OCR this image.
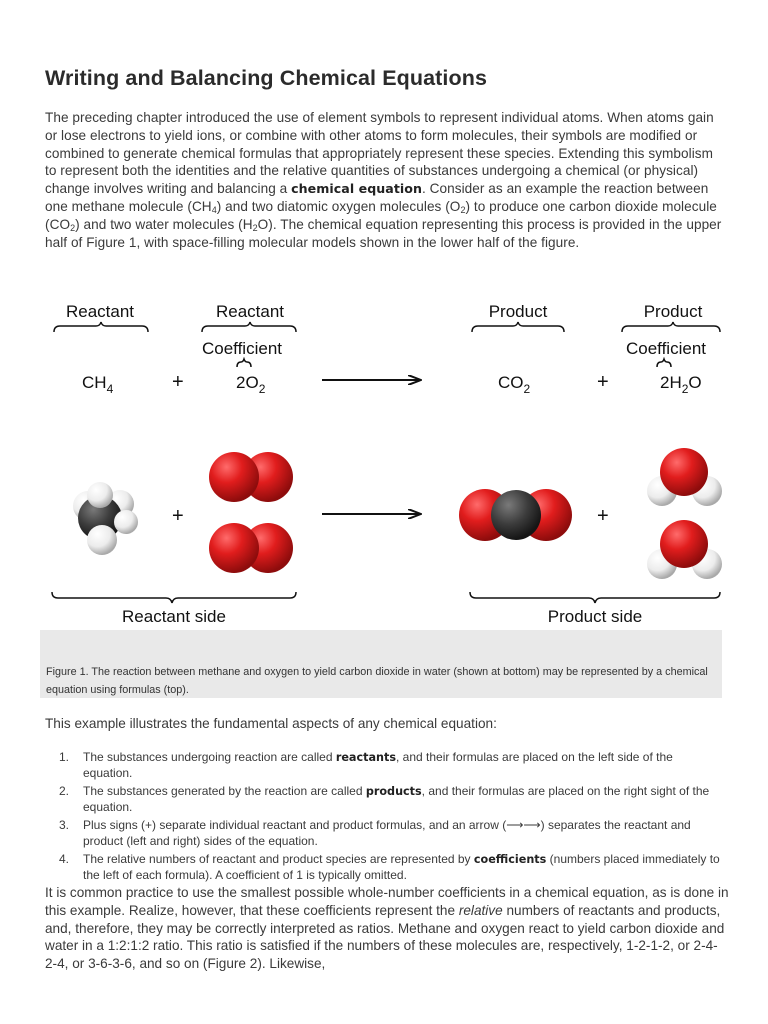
Writing and Balancing Chemical Equations

The preceding chapter introduced the use of element symbols to represent individual atoms. When atoms gain or lose electrons to yield ions, or combine with other atoms to form molecules, their symbols are modified or combined to generate chemical formulas that appropriately represent these species. Extending this symbolism to represent both the identities and the relative quantities of substances undergoing a chemical (or physical) change involves writing and balancing a chemical equation. Consider as an example the reaction between one methane molecule $(CH_4)$ and two diatomic oxygen molecules $(O_2)$ to produce one carbon dioxide molecule $(CO_2)$ and two water molecules $(H_2O)$. The chemical equation representing this process is provided in the upper half of Figure 1, with space-filling molecular models shown in the lower half of the figure.

Reactant	Reactant	Product	Product
Coefficient	Coefficient
$CH_4$	+	$2O_2$	$CO_2$	+	$2H_2O$
+	+
Reactant side	Product side
Figure 1. The reaction between methane and oxygen to yield carbon dioxide in water (shown at bottom) may be represented by a chemical equation using formulas (top).
This example illustrates the fundamental aspects of any chemical equation:
1. The substances undergoing reaction are called reactants, and their formulas are placed on the left side of the equation.
2. The substances generated by the reaction are called products, and their formulas are placed on the right sight of the equation.
3. Plus signs (+) separate individual reactant and product formulas, and an arrow (⟶⟶) separates the reactant and product (left and right) sides of the equation.
4. The relative numbers of reactant and product species are represented by coefficients (numbers placed immediately to the left of each formula). A coefficient of 1 is typically omitted.

It is common practice to use the smallest possible whole-number coefficients in a chemical equation, as is done in this example. Realize, however, that these coefficients represent the relative numbers of reactants and products, and, therefore, they may be correctly interpreted as ratios. Methane and oxygen react to yield carbon dioxide and water in a 1:2:1:2 ratio. This ratio is satisfied if the numbers of these molecules are, respectively, 1-2-1-2, or 2-4-2-4, or 3-6-3-6, and so on (Figure 2). Likewise,
